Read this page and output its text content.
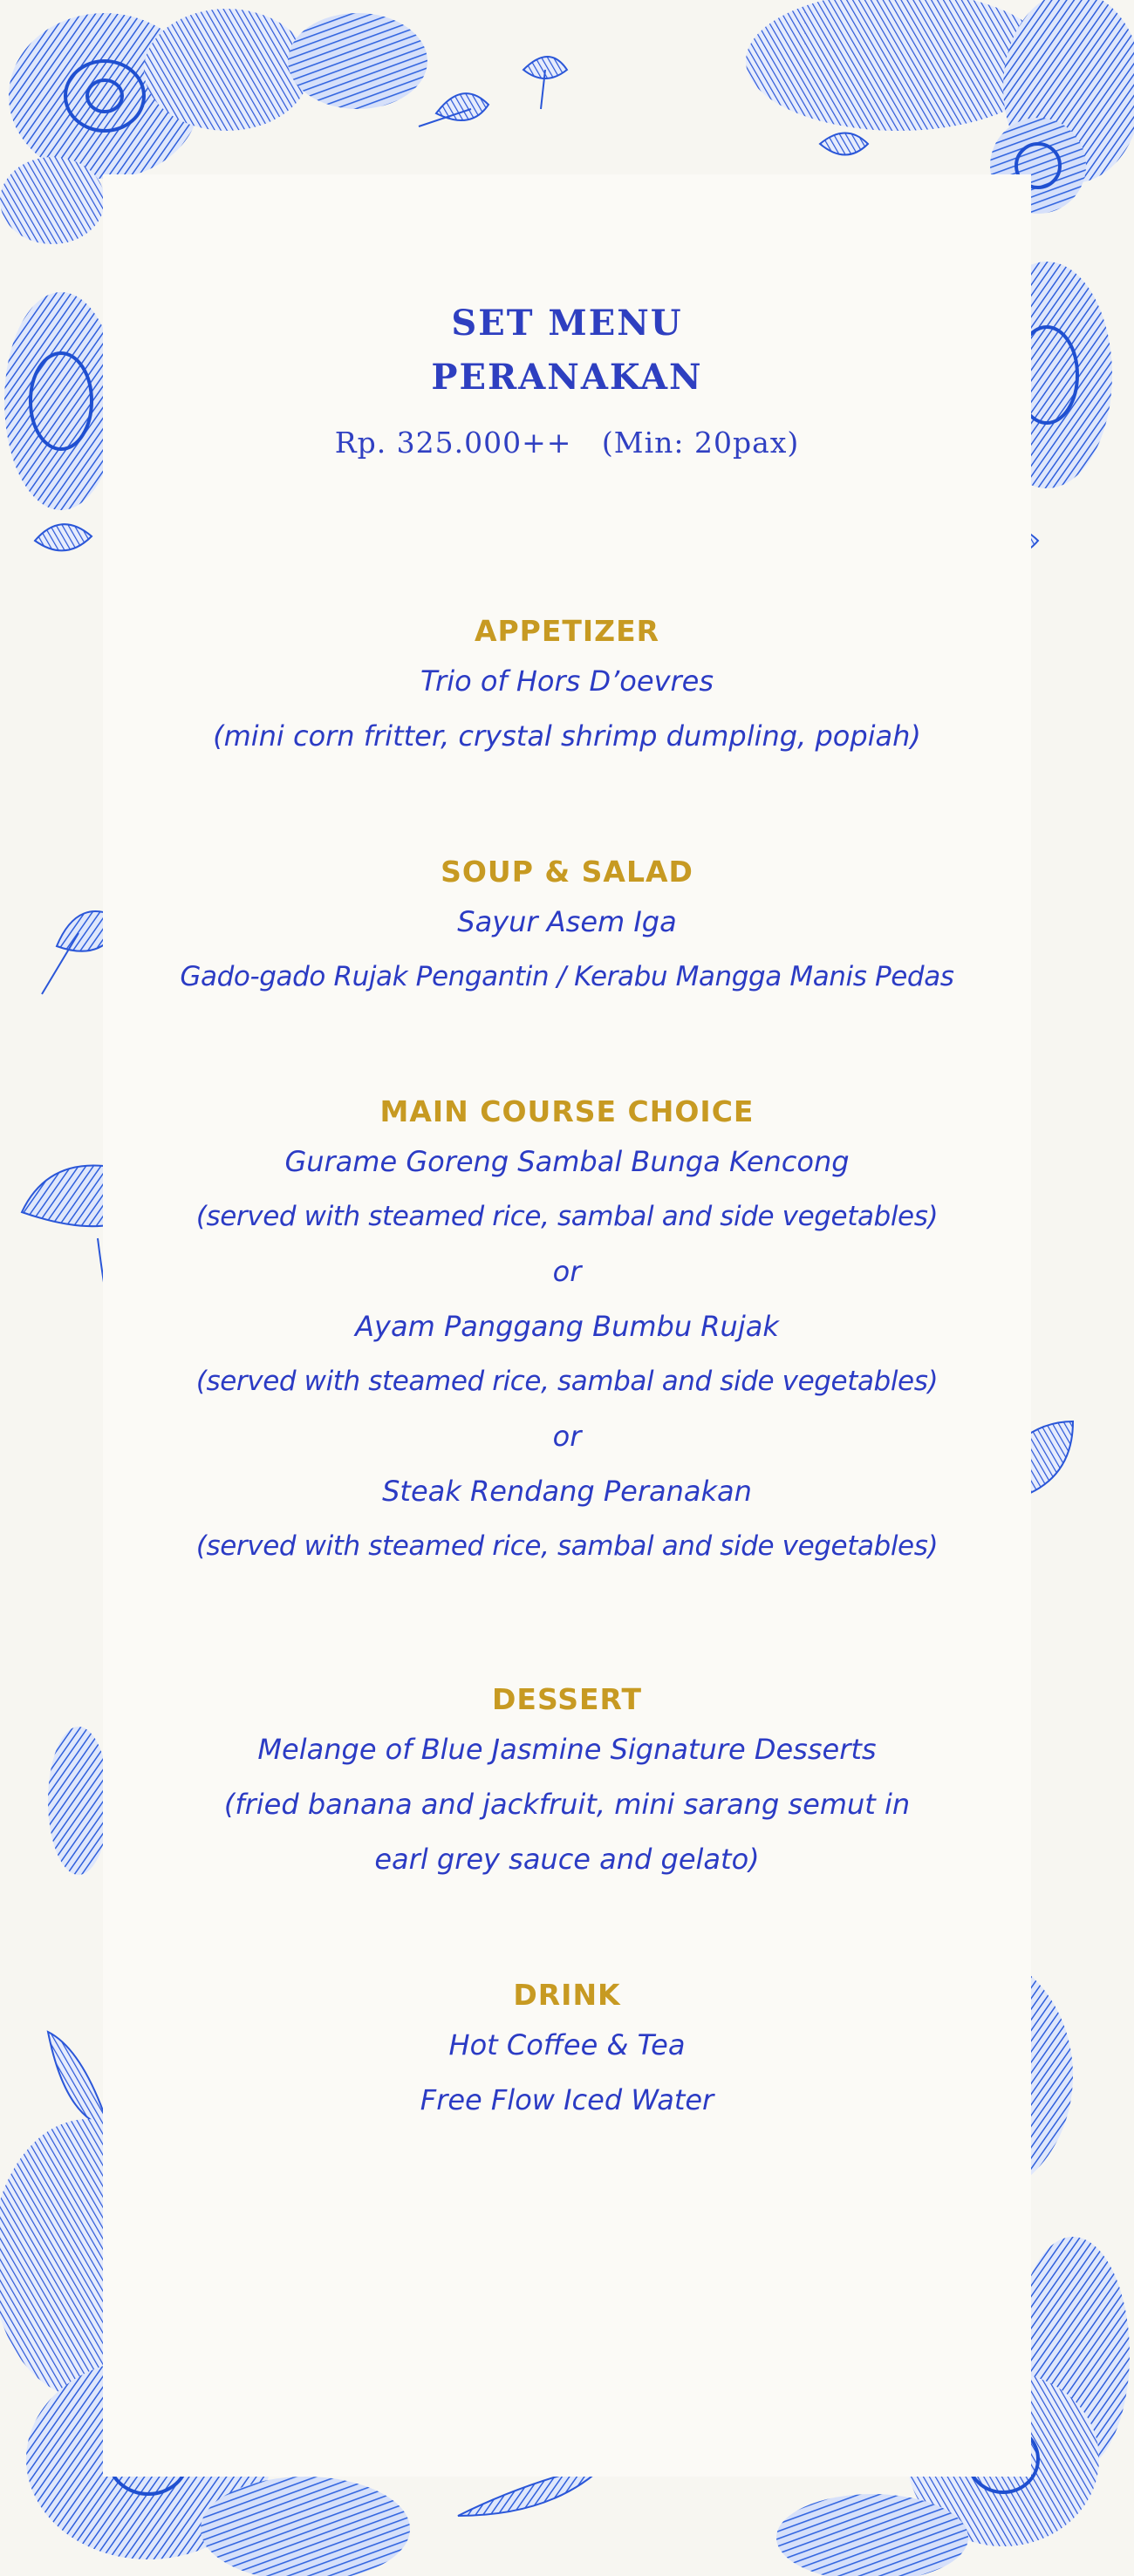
SET MENU
PERANAKAN
Rp. 325.000++ (Min: 20pax)
APPETIZER
Trio of Hors D’oevres
(mini corn fritter, crystal shrimp dumpling, popiah)
SOUP & SALAD
Sayur Asem Iga
Gado-gado Rujak Pengantin / Kerabu Mangga Manis Pedas
MAIN COURSE CHOICE
Gurame Goreng Sambal Bunga Kencong
(served with steamed rice, sambal and side vegetables)
or
Ayam Panggang Bumbu Rujak
(served with steamed rice, sambal and side vegetables)
or
Steak Rendang Peranakan
(served with steamed rice, sambal and side vegetables)
DESSERT
Melange of Blue Jasmine Signature Desserts
(fried banana and jackfruit, mini sarang semut in
earl grey sauce and gelato)
DRINK
Hot Coffee & Tea
Free Flow Iced Water
